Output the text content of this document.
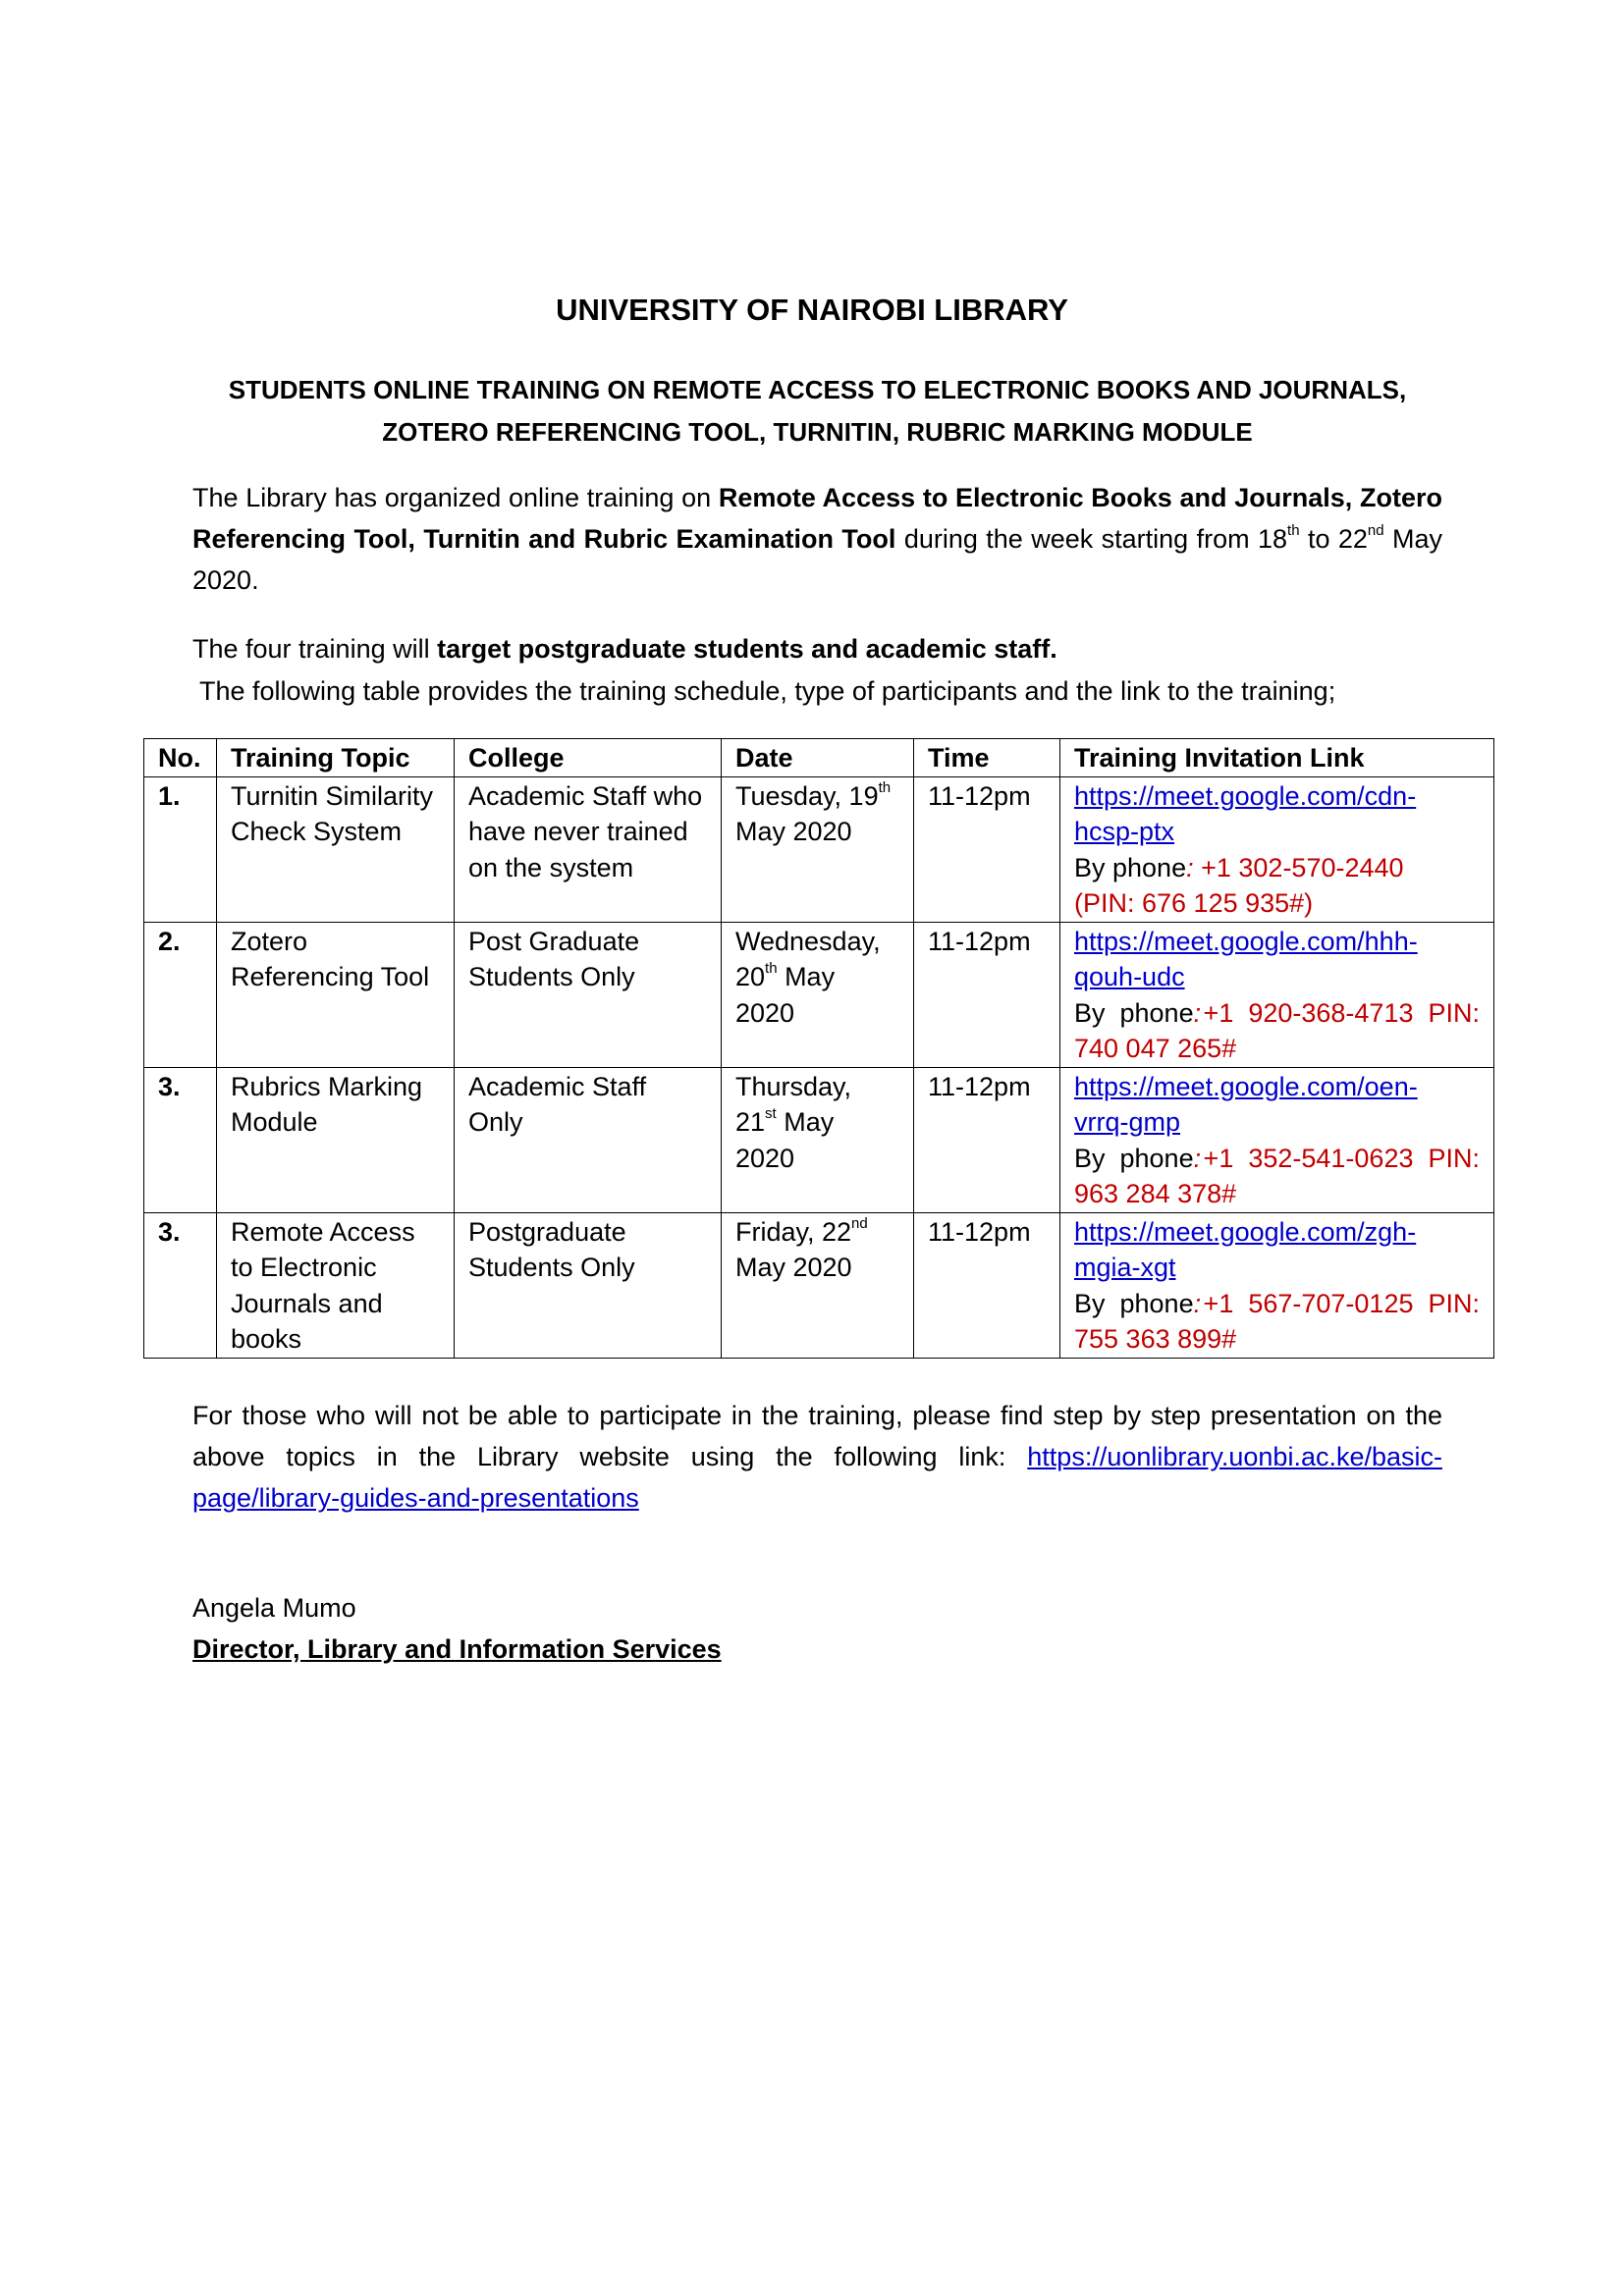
UNIVERSITY OF NAIROBI LIBRARY
STUDENTS ONLINE TRAINING ON REMOTE ACCESS TO ELECTRONIC BOOKS AND JOURNALS, ZOTERO REFERENCING TOOL, TURNITIN, RUBRIC MARKING MODULE
The Library has organized online training on Remote Access to Electronic Books and Journals, Zotero Referencing Tool, Turnitin and Rubric Examination Tool during the week starting from 18th to 22nd May 2020.
The four training will target postgraduate students and academic staff.
The following table provides the training schedule, type of participants and the link to the training;
No.	Training Topic	College	Date	Time	Training Invitation Link
1.	Turnitin Similarity Check System	Academic Staff who have never trained on the system	Tuesday, 19th May 2020	11-12pm	https://meet.google.com/cdn-
hcsp-ptx
By phone: +1 302-570-2440
(PIN: 676 125 935#)

2.	Zotero Referencing Tool	Post Graduate Students Only	Wednesday, 20th May 2020	11-12pm	https://meet.google.com/hhh-
qouh-udc
By  phone: +1  920-368-4713  PIN:
740 047 265#

3.	Rubrics Marking Module	Academic Staff Only	Thursday, 21st May 2020	11-12pm	https://meet.google.com/oen-
vrrq-gmp
By  phone: +1  352-541-0623  PIN:
963 284 378#

3.	Remote Access to Electronic Journals and books	Postgraduate Students Only	Friday, 22nd May 2020	11-12pm	https://meet.google.com/zgh-
mgia-xgt
By  phone: +1  567-707-0125  PIN:
755 363 899#
For those who will not be able to participate in the training, please find step by step presentation on the above topics in the Library website using the following link: https://uonlibrary.uonbi.ac.ke/basic-page/library-guides-and-presentations
Angela Mumo
Director, Library and Information Services
